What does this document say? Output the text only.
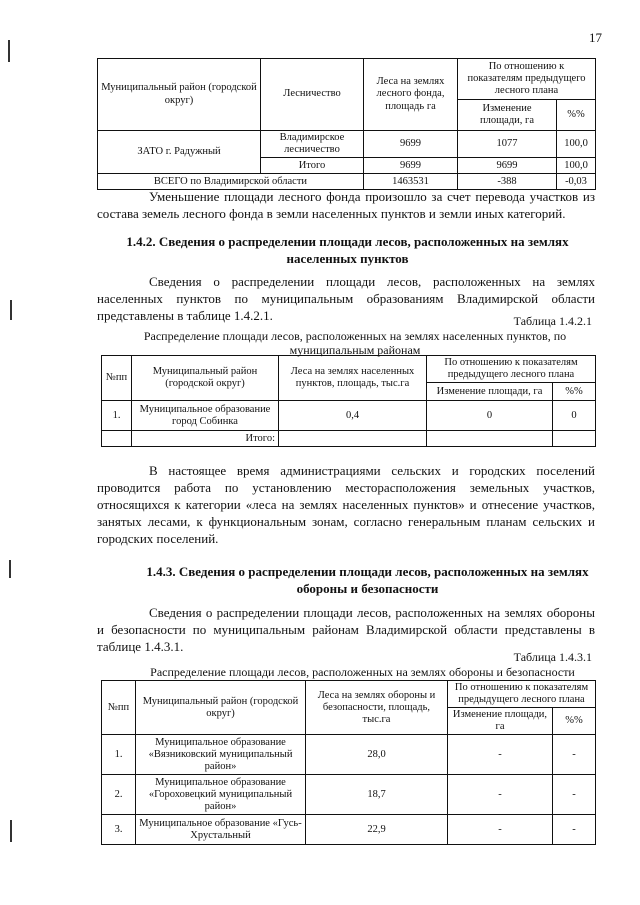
17
Муниципальный район (городской округ)	Лесничество	Леса на землях лесного фонда, площадь га	По отношению к показателям предыдущего лесного плана	
			Изменение площади, га	%%
ЗАТО г. Радужный	Владимирское лесничество	9699	1077	100,0
	Итого	9699	9699	100,0
ВСЕГО по Владимирской области		1463531	-388	-0,03
Уменьшение площади лесного фонда произошло за счет перевода участков из состава земель лесного фонда в земли населенных пунктов и земли иных категорий.
1.4.2. Сведения о распределении площади лесов, расположенных на землях населенных пунктов
Сведения о распределении площади лесов, расположенных на землях населенных пунктов по муниципальным образованиям Владимирской области представлены в таблице 1.4.2.1.	Таблица 1.4.2.1
Распределение площади лесов, расположенных на землях населенных пунктов, по муниципальным районам
№пп	Муниципальный район (городской округ)	Леса на землях населенных пунктов, площадь, тыс.га	По отношению к показателям предыдущего лесного плана	
			Изменение площади, га	%%
1.	Муниципальное образование город Собинка	0,4	0	0
	Итого:			
В настоящее время администрациями сельских и городских поселений проводится работа по установлению месторасположения земельных участков, относящихся к категории «леса на землях населенных пунктов» и отнесение участков, занятых лесами, к функциональным зонам, согласно генеральным планам сельских и городских поселений.
1.4.3. Сведения о распределении площади лесов, расположенных на землях обороны и безопасности
Сведения о распределении площади лесов, расположенных на землях обороны и безопасности по муниципальным районам Владимирской области представлены в таблице 1.4.3.1.
Таблица 1.4.3.1
Распределение площади лесов, расположенных на землях обороны и безопасности
№пп	Муниципальный район (городской округ)	Леса на землях обороны и безопасности, площадь, тыс.га	По отношению к показателям предыдущего лесного плана	
			Изменение площади, га	%%
1.	Муниципальное образование «Вязниковский муниципальный район»	28,0	-	-
2.	Муниципальное образование «Гороховецкий муниципальный район»	18,7	-	-
3.	Муниципальное образование «Гусь-Хрустальный	22,9	-	-
